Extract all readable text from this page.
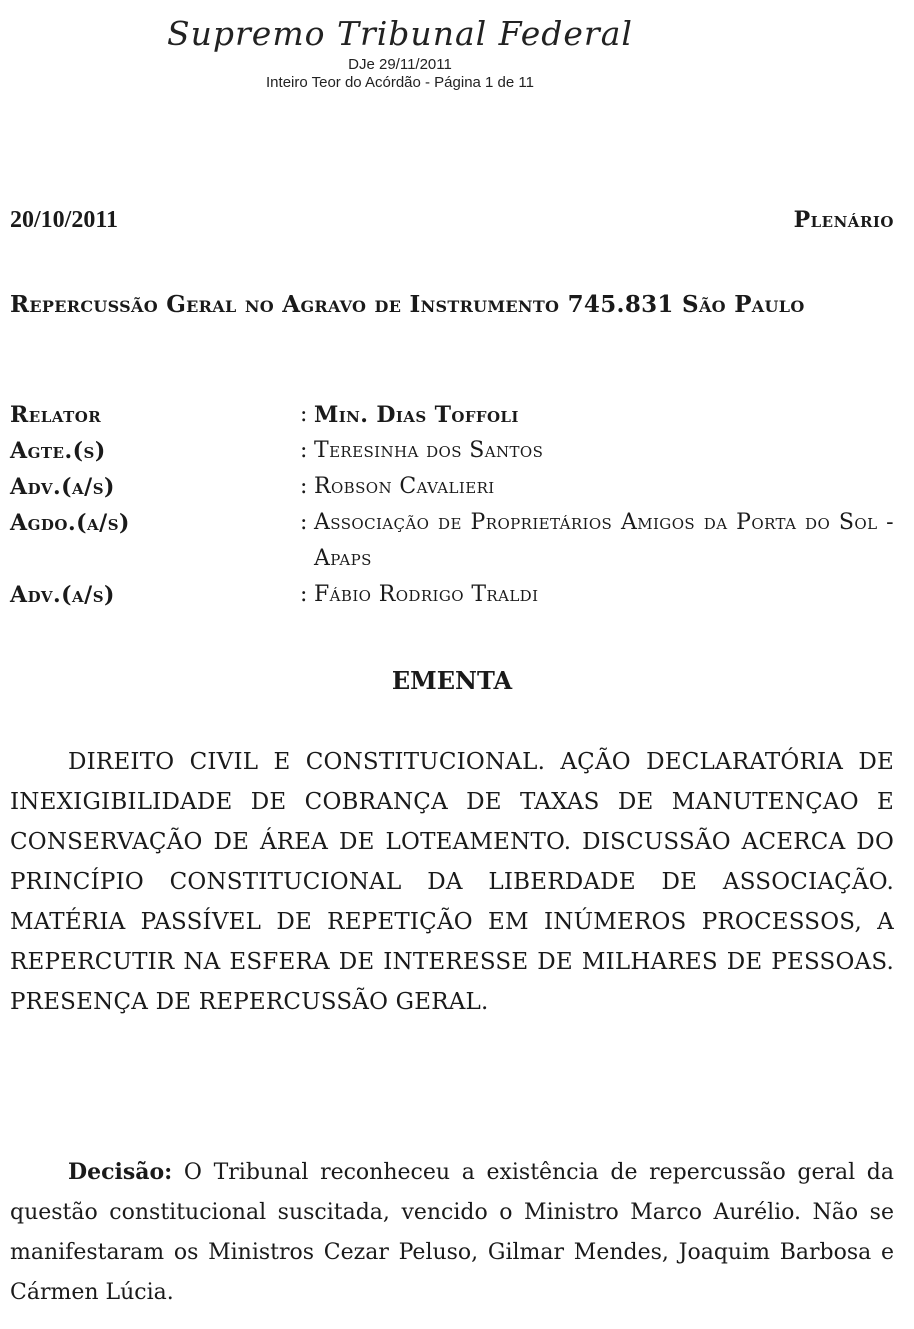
Supremo Tribunal Federal
DJe 29/11/2011
Inteiro Teor do Acórdão - Página 1 de 11
20/10/2011	Plenário
Repercussão Geral no Agravo de Instrumento 745.831 São Paulo
Relator	: Min. Dias Toffoli
Agte.(s)	: Teresinha dos Santos
Adv.(a/s)	: Robson Cavalieri
Agdo.(a/s)	: Associação de Proprietários Amigos da Porta do Sol - Apaps
Adv.(a/s)	: Fábio Rodrigo Traldi
EMENTA
DIREITO CIVIL E CONSTITUCIONAL. AÇÃO DECLARATÓRIA DE INEXIGIBILIDADE DE COBRANÇA DE TAXAS DE MANUTENÇAO E CONSERVAÇÃO DE ÁREA DE LOTEAMENTO. DISCUSSÃO ACERCA DO PRINCÍPIO CONSTITUCIONAL DA LIBERDADE DE ASSOCIAÇÃO. MATÉRIA PASSÍVEL DE REPETIÇÃO EM INÚMEROS PROCESSOS, A REPERCUTIR NA ESFERA DE INTERESSE DE MILHARES DE PESSOAS. PRESENÇA DE REPERCUSSÃO GERAL.
Decisão: O Tribunal reconheceu a existência de repercussão geral da questão constitucional suscitada, vencido o Ministro Marco Aurélio. Não se manifestaram os Ministros Cezar Peluso, Gilmar Mendes, Joaquim Barbosa e Cármen Lúcia.
